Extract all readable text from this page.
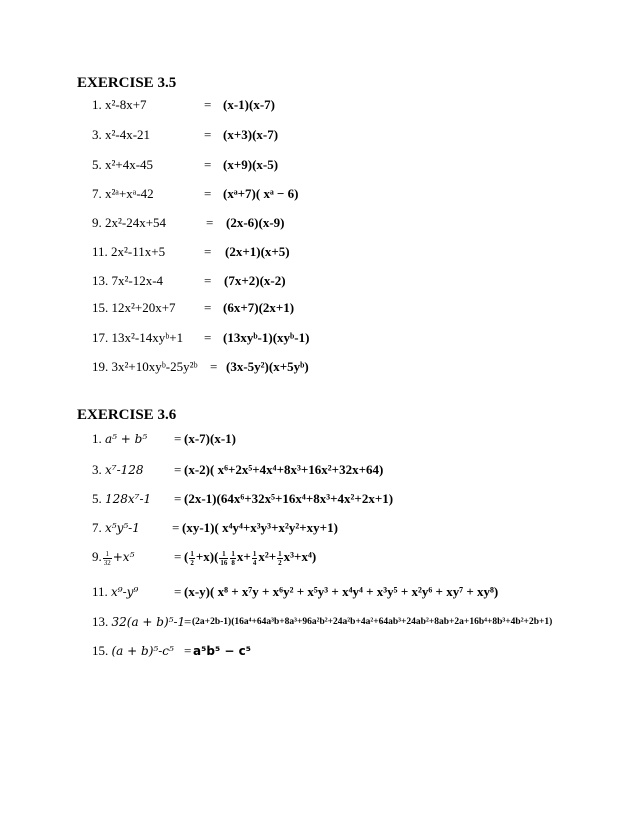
EXERCISE 3.5
1. x²-8x+7	= (x-1)(x-7)
3. x²-4x-21	= (x+3)(x-7)
5. x²+4x-45	= (x+9)(x-5)
7. x²ᵃ+xᵃ-42	= (xᵃ+7)( xᵃ − 6)
9. 2x²-24x+54	= (2x-6)(x-9)
11. 2x²-11x+5	= (2x+1)(x+5)
13. 7x²-12x-4	= (7x+2)(x-2)
15. 12x²+20x+7 = (6x+7)(2x+1)
17. 13x²-14xyᵇ+1 = (13xyᵇ-1)(xyᵇ-1)
19. 3x²+10xyᵇ-25y²ᵇ = (3x-5y²)(x+5yᵇ)
EXERCISE 3.6
1. a⁵ + b⁵ = (x-7)(x-1)
3. x⁷-128 = (x-2)( x⁶+2x⁵+4x⁴+8x³+16x²+32x+64)
5. 128x⁷-1 = (2x-1)(64x⁶+32x⁵+16x⁴+8x³+4x²+2x+1)
7. x⁵y⁵-1 = (xy-1)( x⁴y⁴+x³y³+x²y²+xy+1)
9. $\frac{1}{32} +x^5$	= ( $\frac{1}{2} +x)( \frac{1}{16} \frac{1}{8} x+ \frac{1}{4} x^2+ \frac{1}{2} x^3+x^4)$
11. x⁹-y⁹	= (x-y)( x⁸ + x⁷y + x⁶y² + x⁵y³ + x⁴y⁴ + x³y⁵ + x²y⁶ + xy⁷ + xy⁸)
13. 32(a + b)⁵-1
= (2a+2b-1)(16a⁴+64a³b+8a³+96a²b²+24a²b+4a²+64ab³+24ab²+8ab+2a+16b⁴+8b³+4b²+2b+1)
15. (a + b)⁵-c⁵ = a⁵b⁵ − c⁵
